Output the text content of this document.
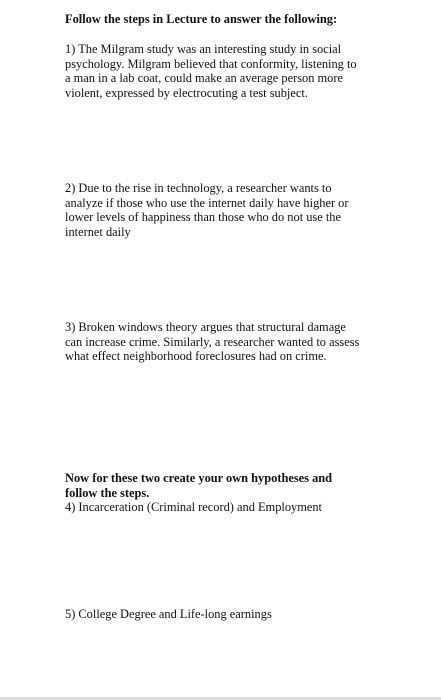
Follow the steps in Lecture to answer the following:
1) The Milgram study was an interesting study in social
psychology. Milgram believed that conformity, listening to
a man in a lab coat, could make an average person more
violent, expressed by electrocuting a test subject.
2) Due to the rise in technology, a researcher wants to
analyze if those who use the internet daily have higher or
lower levels of happiness than those who do not use the
internet daily
3) Broken windows theory argues that structural damage
can increase crime. Similarly, a researcher wanted to assess
what effect neighborhood foreclosures had on crime.
Now for these two create your own hypotheses and
follow the steps.
4) Incarceration (Criminal record) and Employment
5) College Degree and Life-long earnings
